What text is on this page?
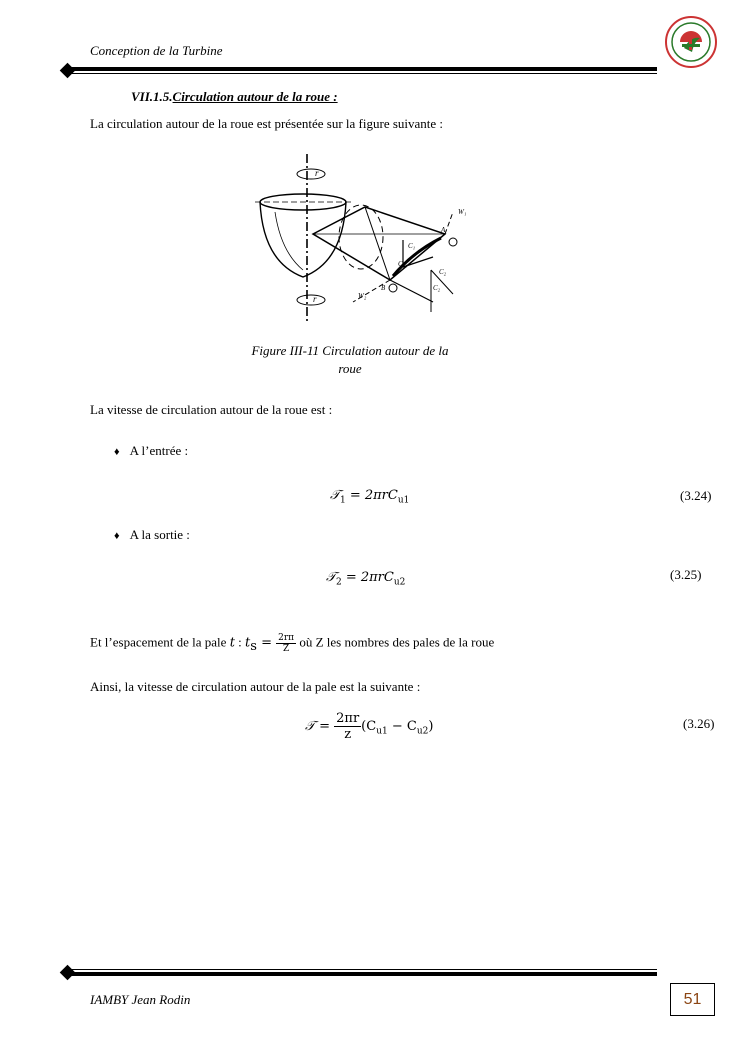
Conception de la Turbine
VII.1.5.Circulation autour de la roue :
La circulation autour de la roue est présentée sur la figure suivante :
r
r
W₁
C₁
Cᵤ₁
C₂
C₂
W₂
A
B
Figure III-11 Circulation autour de la
roue
La vitesse de circulation autour de la roue est :
♦ A l’entrée :
𝒯$_1$ = 2πrC$_{u1}$	(3.24)
♦ A la sortie :
𝒯$_2$ = 2πrC$_{u2}$
(3.25)
Et l’espacement de la pale t : $t_s = \frac{2r\pi}{Z}$ où Z les nombres des pales de la roue
Ainsi, la vitesse de circulation autour de la pale est la suivante :
𝒯 = $\frac{2\pi r}{z} (C_{u1} - C_{u2})$	(3.26)
IAMBY Jean Rodin	51
